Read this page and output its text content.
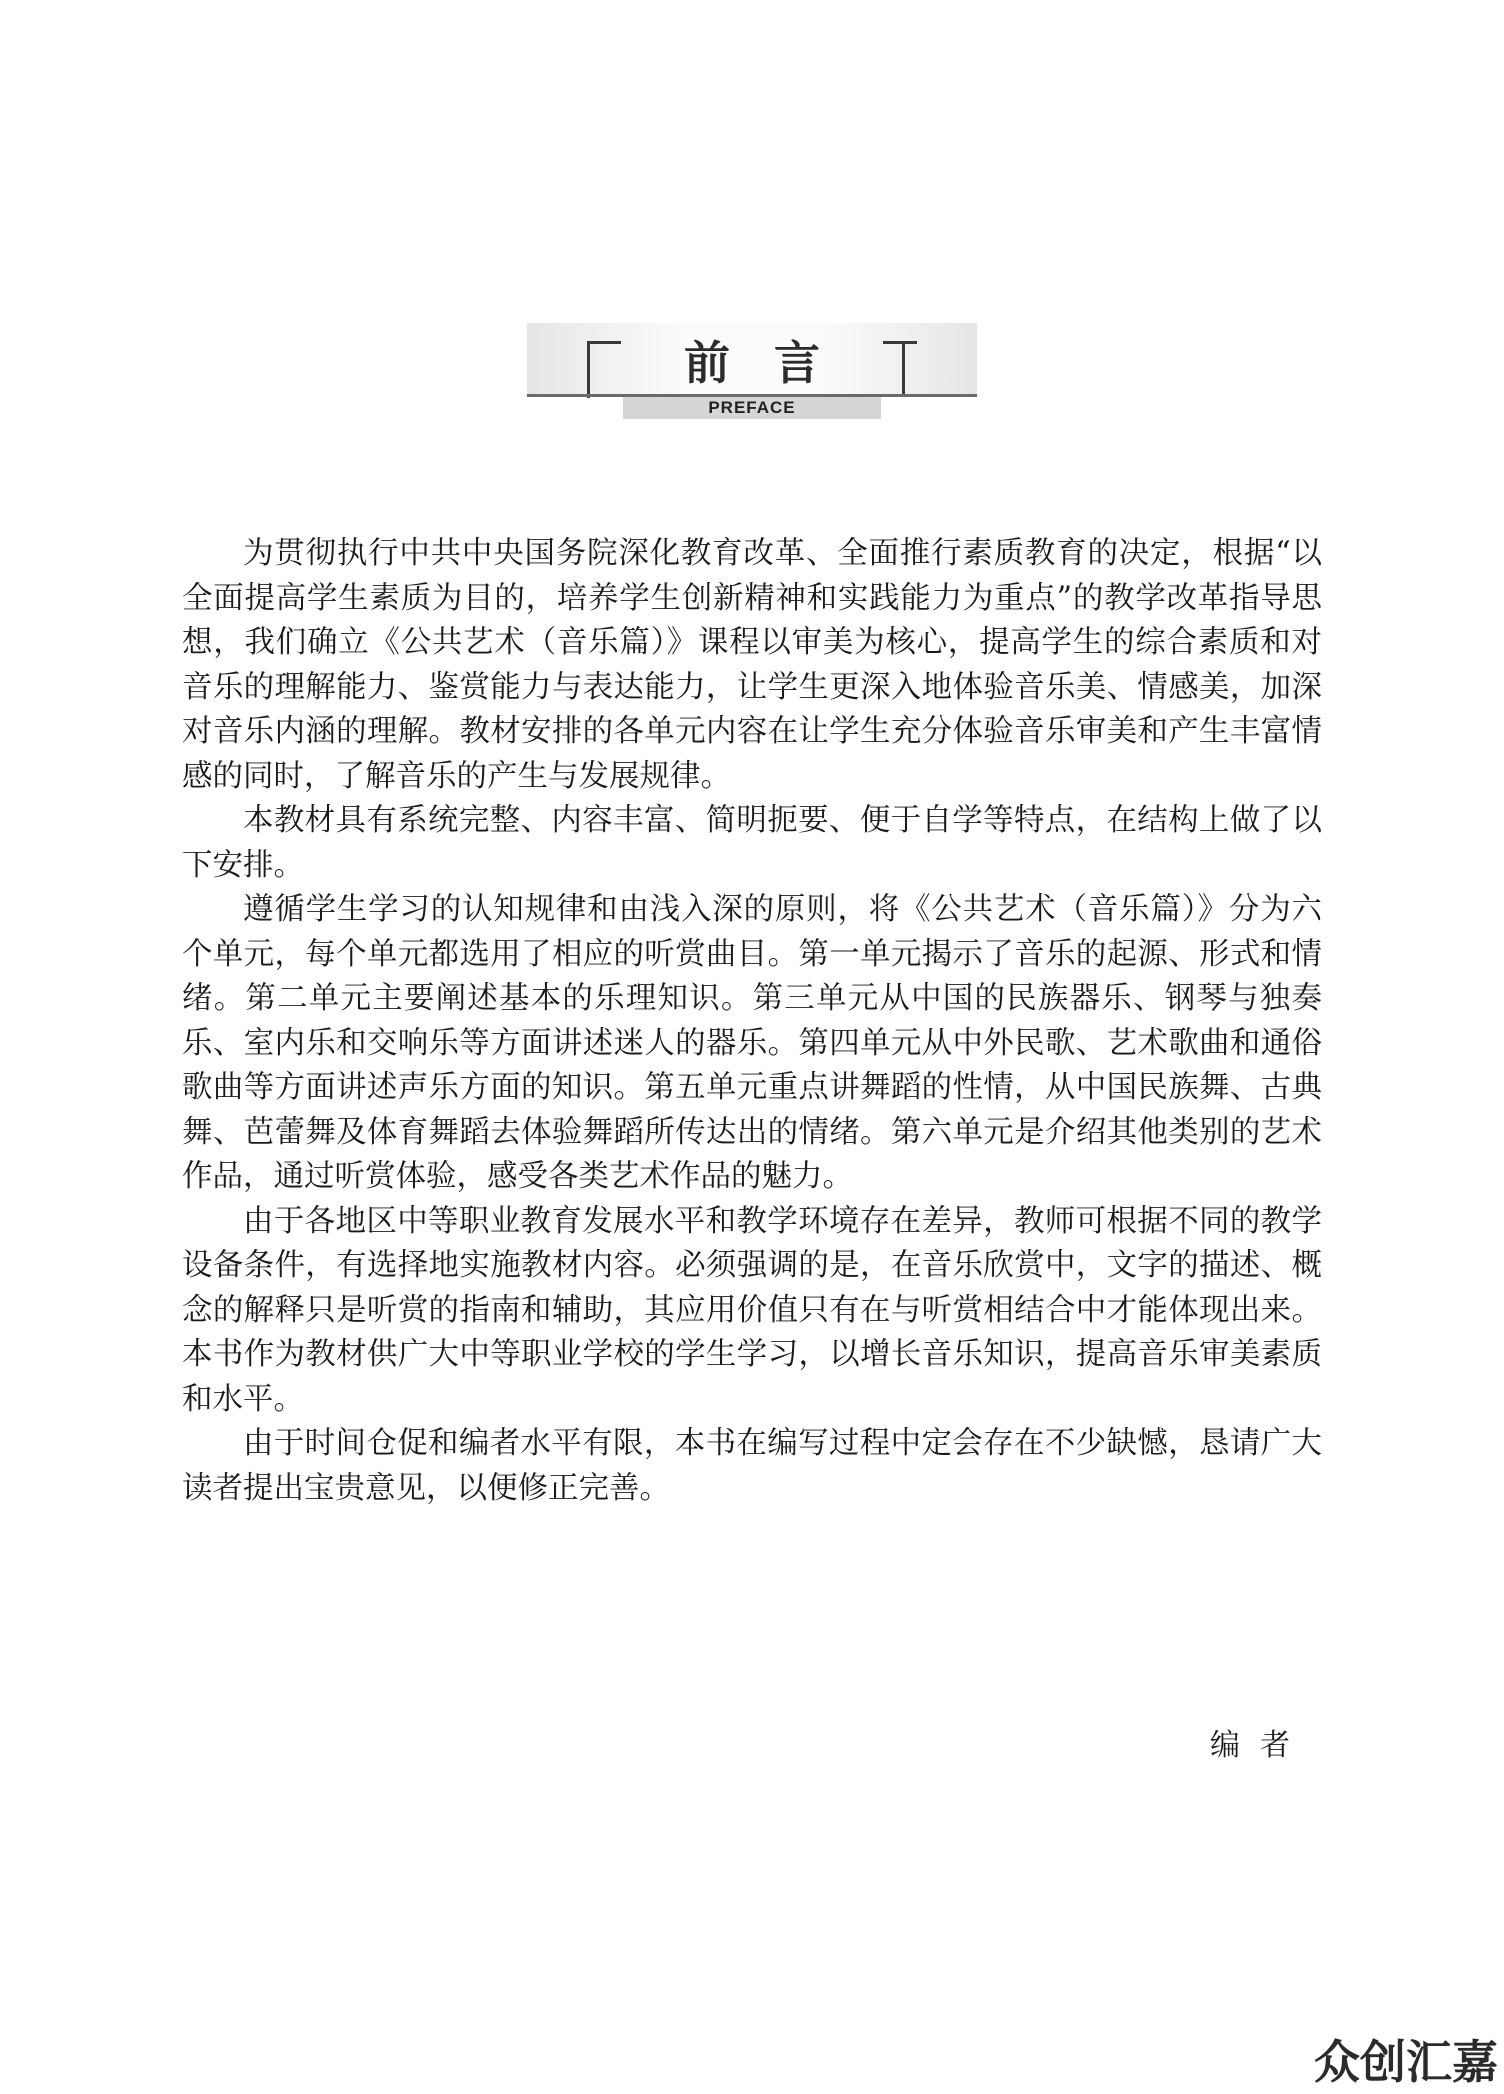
前言
PREFACE

为贯彻执行中共中央国务院深化教育改革、全面推行素质教育的决定，根据“以全面提高学生素质为目的，培养学生创新精神和实践能力为重点”的教学改革指导思想，我们确立《公共艺术（音乐篇）》课程以审美为核心，提高学生的综合素质和对音乐的理解能力、鉴赏能力与表达能力，让学生更深入地体验音乐美、情感美，加深对音乐内涵的理解。教材安排的各单元内容在让学生充分体验音乐审美和产生丰富情感的同时，了解音乐的产生与发展规律。

本教材具有系统完整、内容丰富、简明扼要、便于自学等特点，在结构上做了以下安排。

遵循学生学习的认知规律和由浅入深的原则，将《公共艺术（音乐篇）》分为六个单元，每个单元都选用了相应的听赏曲目。第一单元揭示了音乐的起源、形式和情绪。第二单元主要阐述基本的乐理知识。第三单元从中国的民族器乐、钢琴与独奏乐、室内乐和交响乐等方面讲述迷人的器乐。第四单元从中外民歌、艺术歌曲和通俗歌曲等方面讲述声乐方面的知识。第五单元重点讲舞蹈的性情，从中国民族舞、古典舞、芭蕾舞及体育舞蹈去体验舞蹈所传达出的情绪。第六单元是介绍其他类别的艺术作品，通过听赏体验，感受各类艺术作品的魅力。

由于各地区中等职业教育发展水平和教学环境存在差异，教师可根据不同的教学设备条件，有选择地实施教材内容。必须强调的是，在音乐欣赏中，文字的描述、概念的解释只是听赏的指南和辅助，其应用价值只有在与听赏相结合中才能体现出来。本书作为教材供广大中等职业学校的学生学习，以增长音乐知识，提高音乐审美素质和水平。

由于时间仓促和编者水平有限，本书在编写过程中定会存在不少缺憾，恳请广大读者提出宝贵意见，以便修正完善。

编者
众创汇嘉
